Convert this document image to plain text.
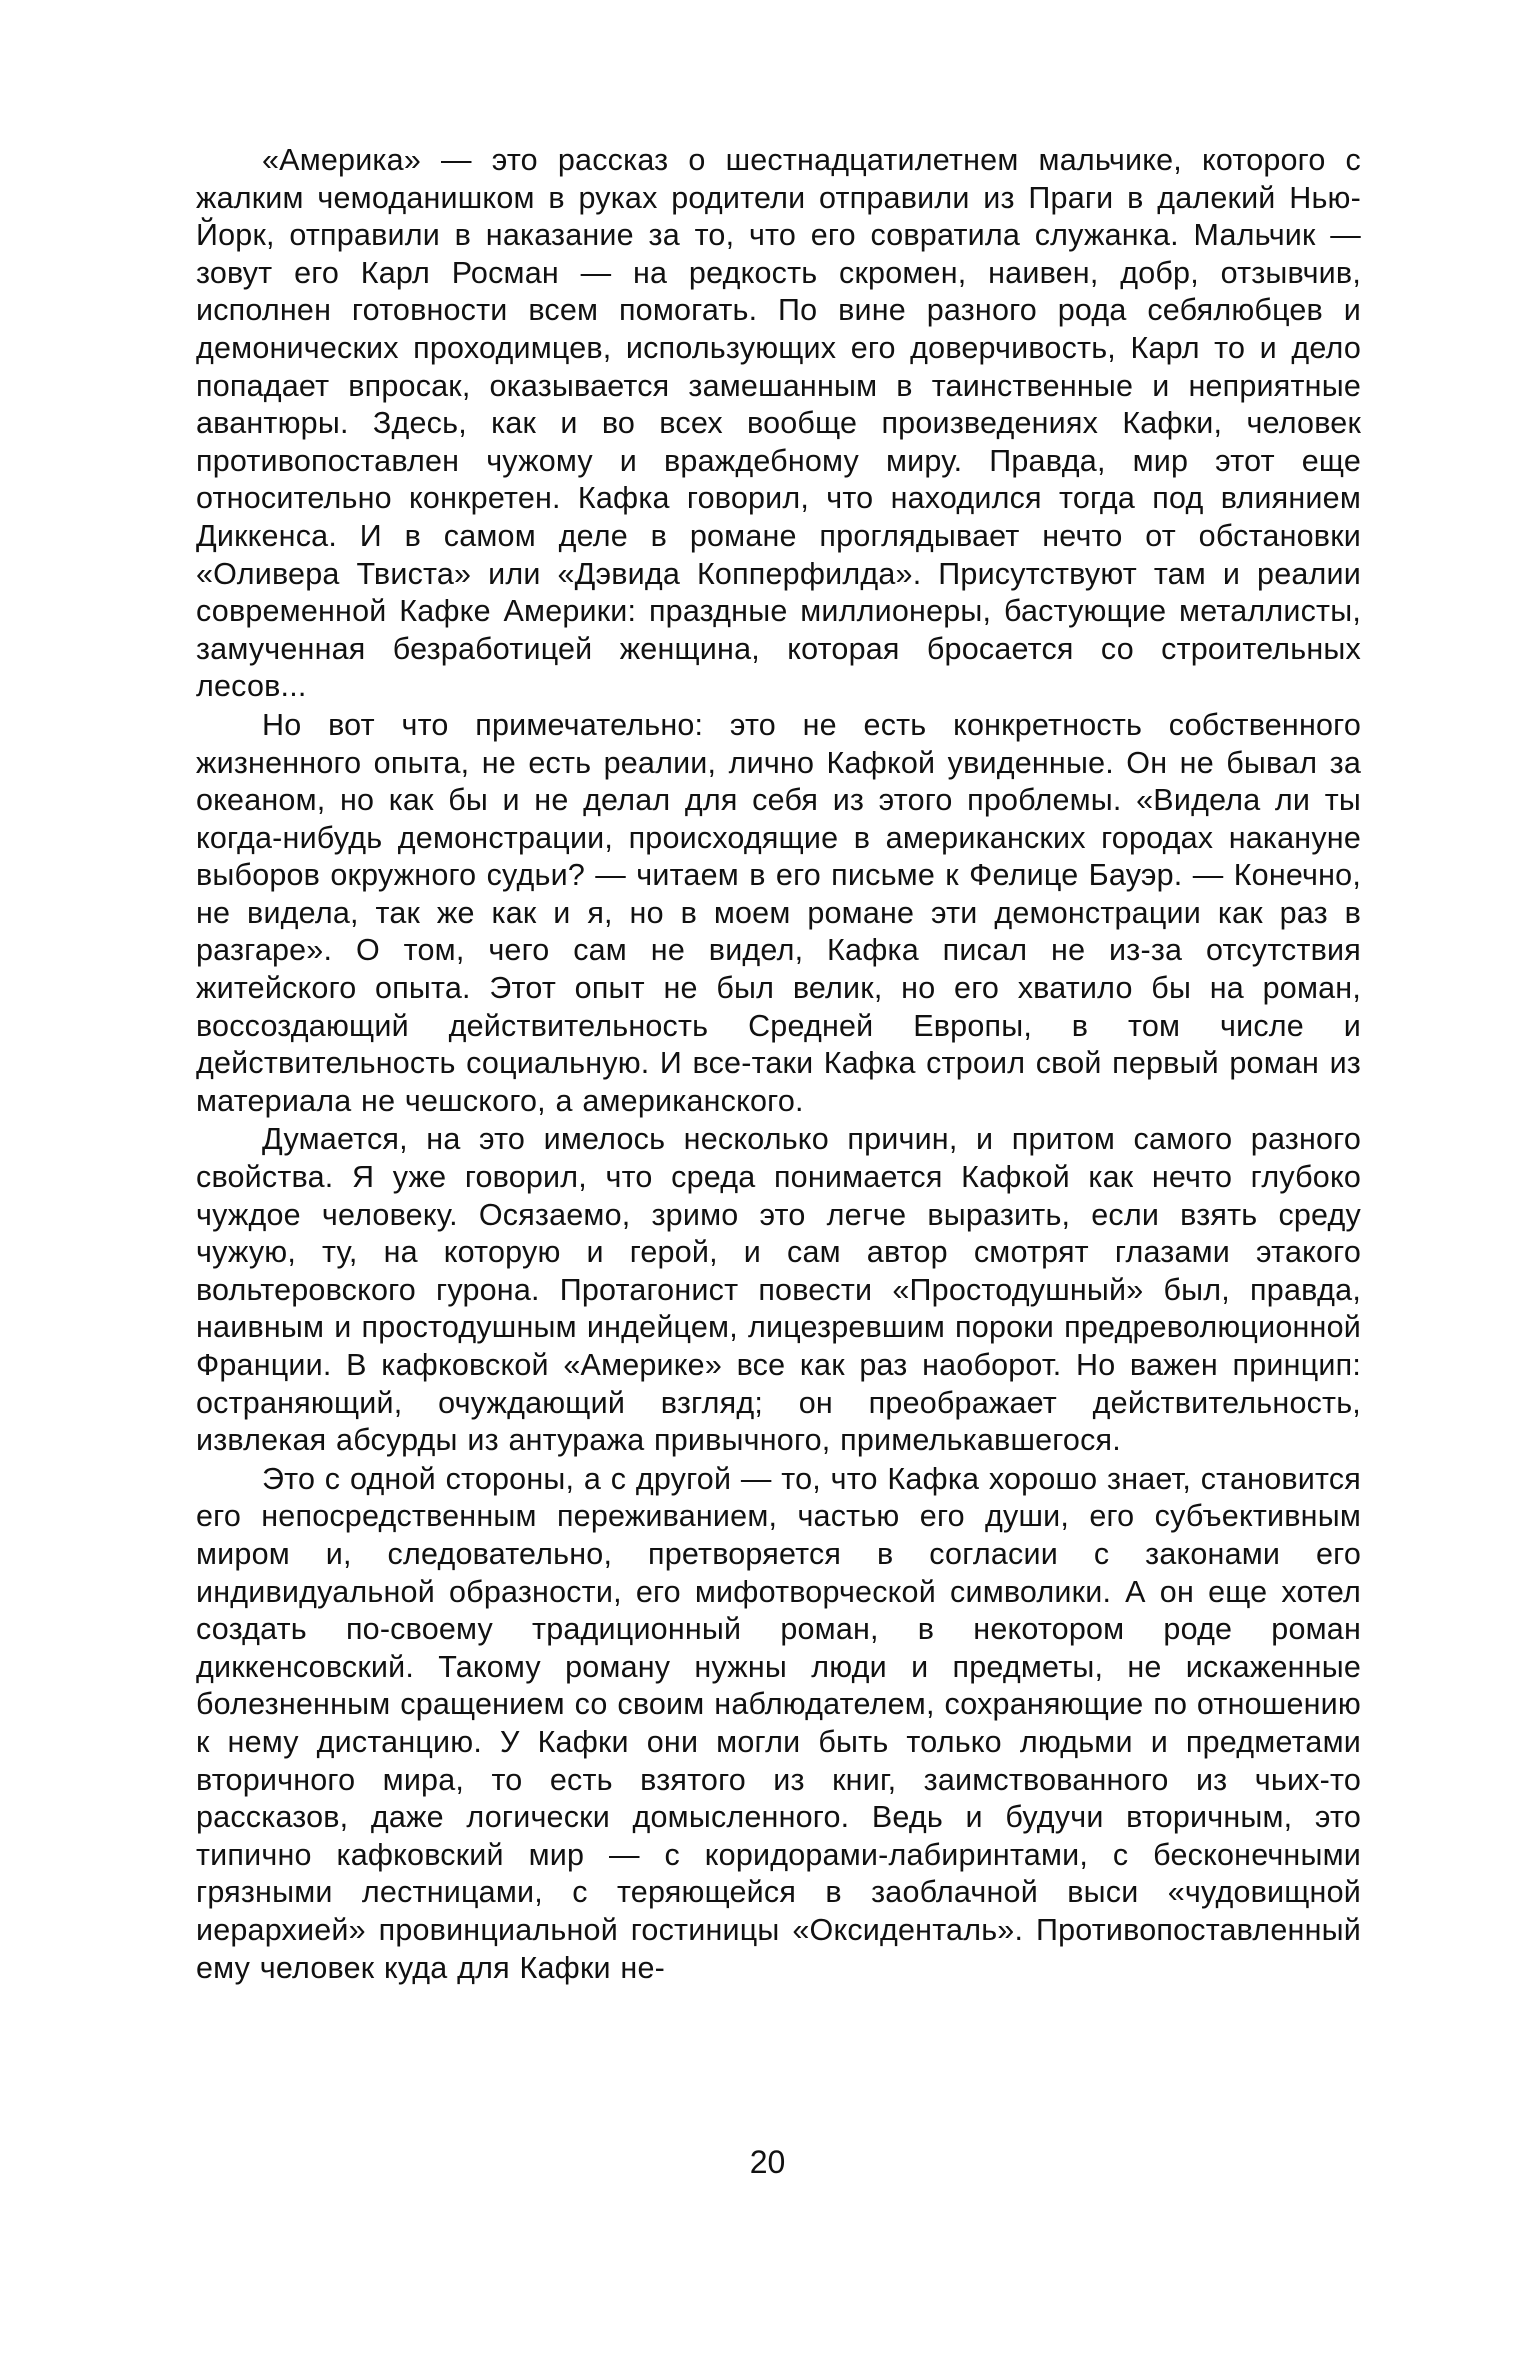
«Америка» — это рассказ о шестнадцатилетнем мальчике, которого с жалким чемоданишком в руках родители отправили из Праги в далекий Нью-Йорк, отправили в наказание за то, что его совратила служанка. Мальчик — зовут его Карл Росман — на редкость скромен, наивен, добр, отзывчив, исполнен готовности всем помогать. По вине разного рода себялюбцев и демонических проходимцев, использующих его доверчивость, Карл то и дело попадает впросак, оказывается замешанным в таинственные и неприятные авантюры. Здесь, как и во всех вообще произведениях Кафки, человек противопоставлен чужому и враждебному миру. Правда, мир этот еще относительно конкретен. Кафка говорил, что находился тогда под влиянием Диккенса. И в самом деле в романе проглядывает нечто от обстановки «Оливера Твиста» или «Дэвида Копперфилда». Присутствуют там и реалии современной Кафке Америки: праздные миллионеры, бастующие металлисты, замученная безработицей женщина, которая бросается со строительных лесов...

Но вот что примечательно: это не есть конкретность собственного жизненного опыта, не есть реалии, лично Кафкой увиденные. Он не бывал за океаном, но как бы и не делал для себя из этого проблемы. «Видела ли ты когда-нибудь демонстрации, происходящие в американских городах накануне выборов окружного судьи? — читаем в его письме к Фелице Бауэр. — Конечно, не видела, так же как и я, но в моем романе эти демонстрации как раз в разгаре». О том, чего сам не видел, Кафка писал не из-за отсутствия житейского опыта. Этот опыт не был велик, но его хватило бы на роман, воссоздающий действительность Средней Европы, в том числе и действительность социальную. И все-таки Кафка строил свой первый роман из материала не чешского, а американского.

Думается, на это имелось несколько причин, и притом самого разного свойства. Я уже говорил, что среда понимается Кафкой как нечто глубоко чуждое человеку. Осязаемо, зримо это легче выразить, если взять среду чужую, ту, на которую и герой, и сам автор смотрят глазами этакого вольтеровского гурона. Протагонист повести «Простодушный» был, правда, наивным и простодушным индейцем, лицезревшим пороки предреволюционной Франции. В кафковской «Америке» все как раз наоборот. Но важен принцип: остраняющий, очуждающий взгляд; он преображает действительность, извлекая абсурды из антуража привычного, примелькавшегося.

Это с одной стороны, а с другой — то, что Кафка хорошо знает, становится его непосредственным переживанием, частью его души, его субъективным миром и, следовательно, претворяется в согласии с законами его индивидуальной образности, его мифотворческой символики. А он еще хотел создать по-своему традиционный роман, в некотором роде роман диккенсовский. Такому роману нужны люди и предметы, не искаженные болезненным сращением со своим наблюдателем, сохраняющие по отношению к нему дистанцию. У Кафки они могли быть только людьми и предметами вторичного мира, то есть взятого из книг, заимствованного из чьих-то рассказов, даже логически домысленного. Ведь и будучи вторичным, это типично кафковский мир — с коридорами-лабиринтами, с бесконечными грязными лестницами, с теряющейся в заоблачной выси «чудовищной иерархией» провинциальной гостиницы «Оксиденталь». Противопоставленный ему человек куда для Кафки не-

20
